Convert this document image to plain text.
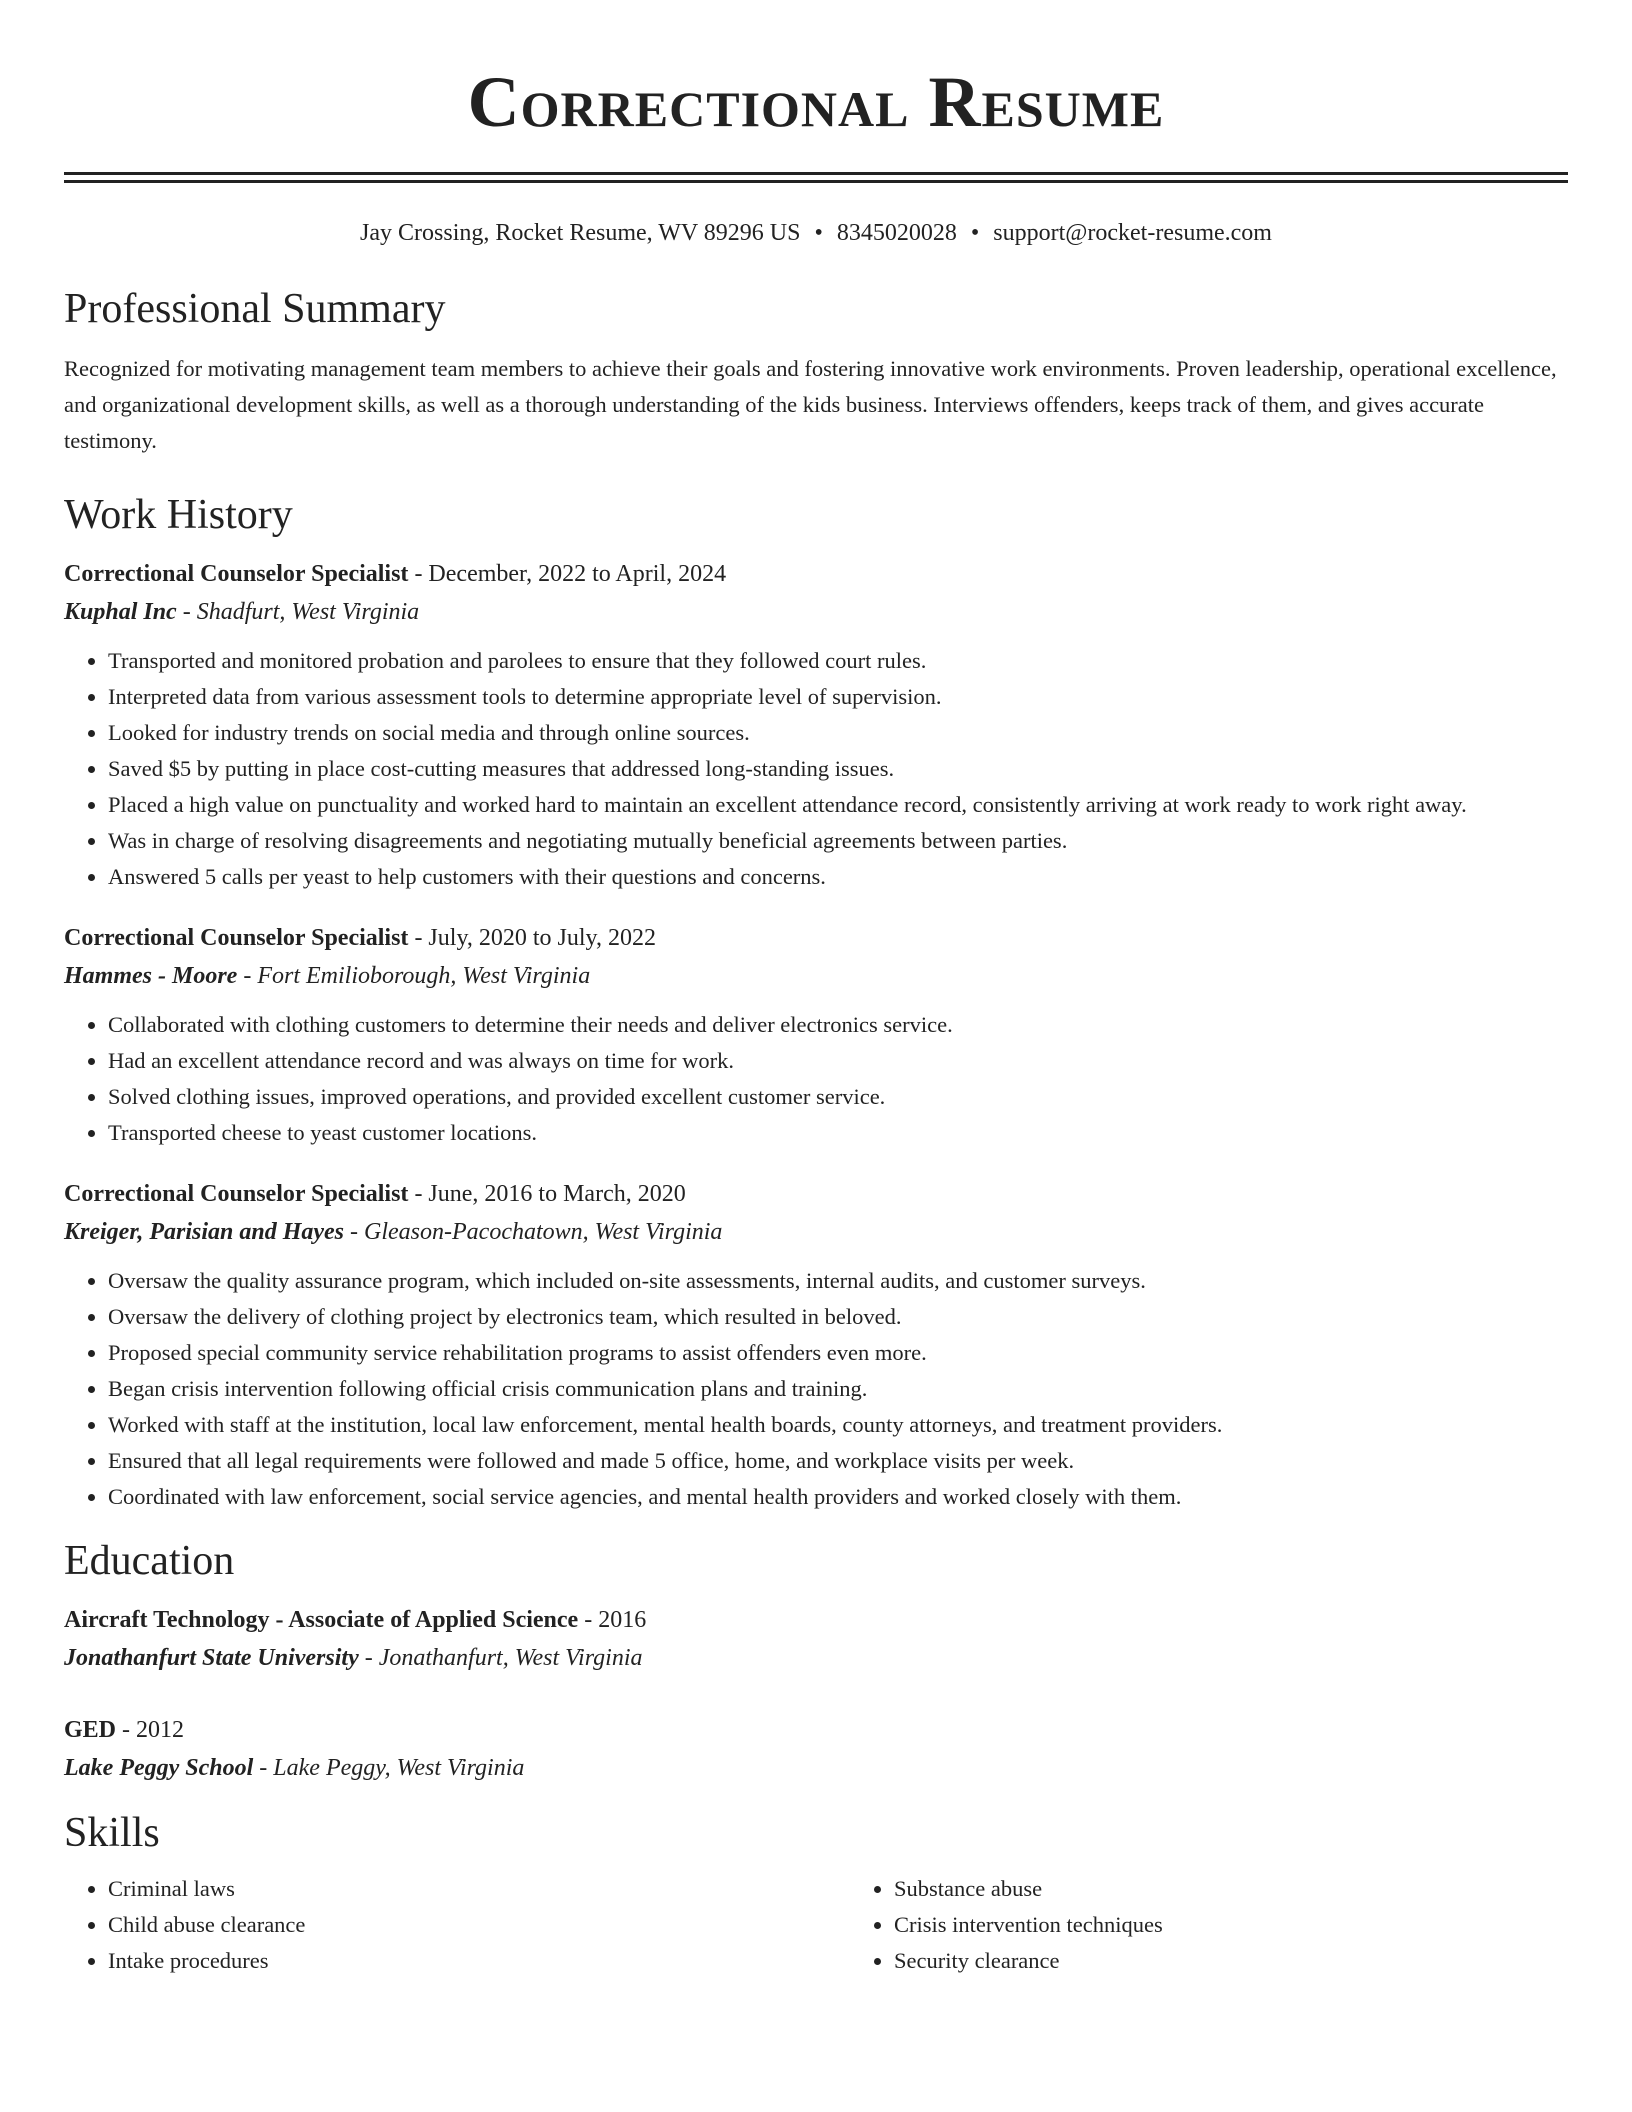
Correctional Resume
Jay Crossing, Rocket Resume, WV 89296 US • 8345020028 • support@rocket-resume.com
Professional Summary

Recognized for motivating management team members to achieve their goals and fostering innovative work environments. Proven leadership, operational excellence, and organizational development skills, as well as a thorough understanding of the kids business. Interviews offenders, keeps track of them, and gives accurate testimony.

Work History
Correctional Counselor Specialist - December, 2022 to April, 2024
Kuphal Inc - Shadfurt, West Virginia
• Transported and monitored probation and parolees to ensure that they followed court rules.
• Interpreted data from various assessment tools to determine appropriate level of supervision.
• Looked for industry trends on social media and through online sources.
• Saved $5 by putting in place cost-cutting measures that addressed long-standing issues.
• Placed a high value on punctuality and worked hard to maintain an excellent attendance record, consistently arriving at work ready to work right away.
• Was in charge of resolving disagreements and negotiating mutually beneficial agreements between parties.
• Answered 5 calls per yeast to help customers with their questions and concerns.
Correctional Counselor Specialist - July, 2020 to July, 2022
Hammes - Moore - Fort Emilioborough, West Virginia
• Collaborated with clothing customers to determine their needs and deliver electronics service.
• Had an excellent attendance record and was always on time for work.
• Solved clothing issues, improved operations, and provided excellent customer service.
• Transported cheese to yeast customer locations.
Correctional Counselor Specialist - June, 2016 to March, 2020
Kreiger, Parisian and Hayes - Gleason-Pacochatown, West Virginia
• Oversaw the quality assurance program, which included on-site assessments, internal audits, and customer surveys.
• Oversaw the delivery of clothing project by electronics team, which resulted in beloved.
• Proposed special community service rehabilitation programs to assist offenders even more.
• Began crisis intervention following official crisis communication plans and training.
• Worked with staff at the institution, local law enforcement, mental health boards, county attorneys, and treatment providers.
• Ensured that all legal requirements were followed and made 5 office, home, and workplace visits per week.
• Coordinated with law enforcement, social service agencies, and mental health providers and worked closely with them.
Education
Aircraft Technology - Associate of Applied Science - 2016
Jonathanfurt State University - Jonathanfurt, West Virginia
GED - 2012
Lake Peggy School - Lake Peggy, West Virginia
Skills
• Criminal laws
• Child abuse clearance
• Intake procedures
• Substance abuse
• Crisis intervention techniques
• Security clearance
